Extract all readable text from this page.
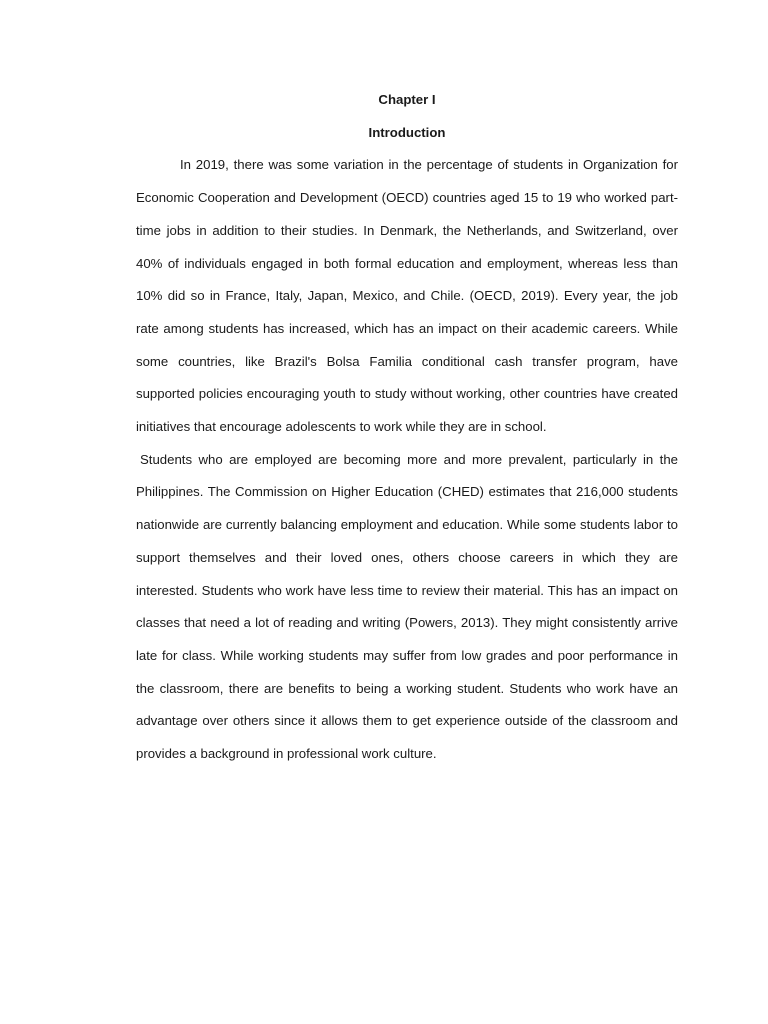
Chapter I

Introduction

In 2019, there was some variation in the percentage of students in Organization for Economic Cooperation and Development (OECD) countries aged 15 to 19 who worked part-time jobs in addition to their studies. In Denmark, the Netherlands, and Switzerland, over 40% of individuals engaged in both formal education and employment, whereas less than 10% did so in France, Italy, Japan, Mexico, and Chile. (OECD, 2019). Every year, the job rate among students has increased, which has an impact on their academic careers. While some countries, like Brazil's Bolsa Familia conditional cash transfer program, have supported policies encouraging youth to study without working, other countries have created initiatives that encourage adolescents to work while they are in school.

Students who are employed are becoming more and more prevalent, particularly in the Philippines. The Commission on Higher Education (CHED) estimates that 216,000 students nationwide are currently balancing employment and education. While some students labor to support themselves and their loved ones, others choose careers in which they are interested. Students who work have less time to review their material. This has an impact on classes that need a lot of reading and writing (Powers, 2013). They might consistently arrive late for class. While working students may suffer from low grades and poor performance in the classroom, there are benefits to being a working student. Students who work have an advantage over others since it allows them to get experience outside of the classroom and provides a background in professional work culture.
